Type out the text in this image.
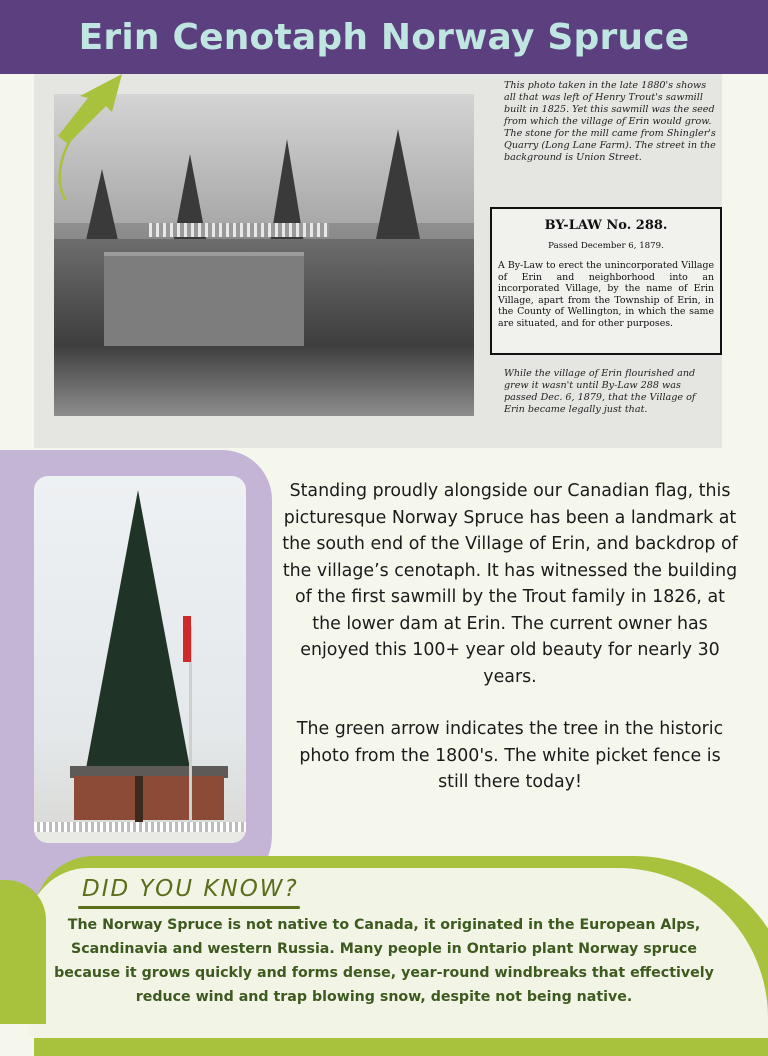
Erin Cenotaph Norway Spruce
This photo taken in the late 1880's shows all that was left of Henry Trout's sawmill built in 1825. Yet this sawmill was the seed from which the village of Erin would grow. The stone for the mill came from Shingler's Quarry (Long Lane Farm). The street in the background is Union Street.
BY-LAW No. 288.
Passed December 6, 1879.
A By-Law to erect the unincorporated Village of Erin and neighborhood into an incorporated Village, by the name of Erin Village, apart from the Township of Erin, in the County of Wellington, in which the same are situated, and for other purposes.
While the village of Erin flourished and grew it wasn't until By-Law 288 was passed Dec. 6, 1879, that the Village of Erin became legally just that.

Standing proudly alongside our Canadian flag, this picturesque Norway Spruce has been a landmark at the south end of the Village of Erin, and backdrop of the village’s cenotaph. It has witnessed the building of the first sawmill by the Trout family in 1826, at the lower dam at Erin. The current owner has enjoyed this 100+ year old beauty for nearly 30 years.

The green arrow indicates the tree in the historic photo from the 1800's. The white picket fence is still there today!

DID YOU KNOW?
The Norway Spruce is not native to Canada, it originated in the European Alps, Scandinavia and western Russia. Many people in Ontario plant Norway spruce because it grows quickly and forms dense, year-round windbreaks that effectively reduce wind and trap blowing snow, despite not being native.
